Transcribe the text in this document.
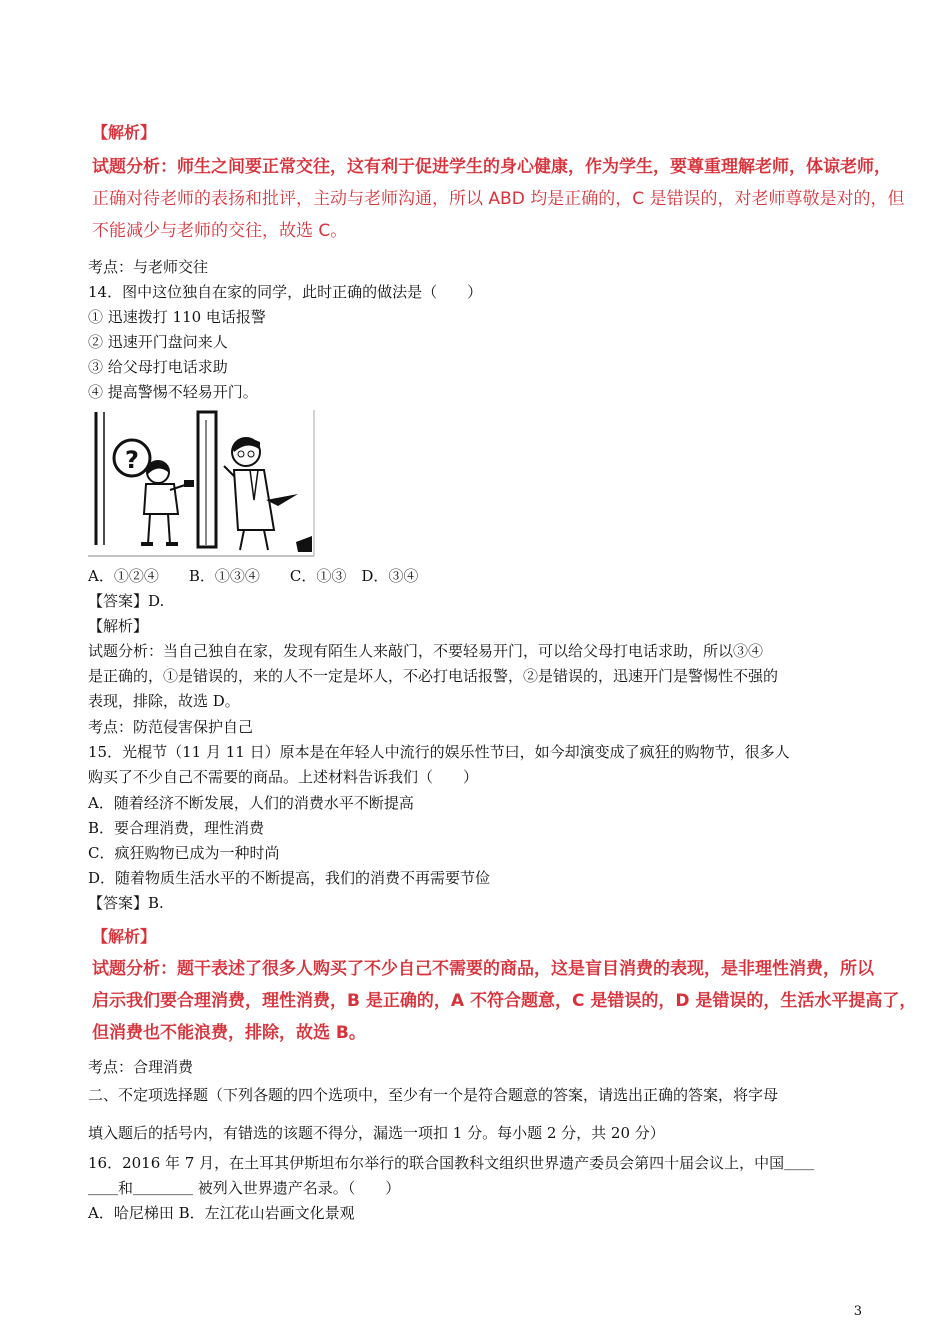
【解析】
试题分析：师生之间要正常交往，这有利于促进学生的身心健康，作为学生，要尊重理解老师，体谅老师，
正确对待老师的表扬和批评，主动与老师沟通，所以 ABD 均是正确的，C 是错误的，对老师尊敬是对的，但
不能减少与老师的交往，故选 C。
考点：与老师交往
14．图中这位独自在家的同学，此时正确的做法是（　　）
① 迅速拨打 110 电话报警
② 迅速开门盘问来人
③ 给父母打电话求助
④ 提高警惕不轻易开门。
?
A．①②④　　B．①③④　　C．①③　D．③④
【答案】D.
【解析】
试题分析：当自己独自在家，发现有陌生人来敲门，不要轻易开门，可以给父母打电话求助，所以③④
是正确的，①是错误的，来的人不一定是坏人，不必打电话报警，②是错误的，迅速开门是警惕性不强的
表现，排除，故选 D。
考点：防范侵害保护自己
15．光棍节（11 月 11 日）原本是在年轻人中流行的娱乐性节曰，如今却演变成了疯狂的购物节，很多人
购买了不少自己不需要的商品。上述材料告诉我们（　　）
A．随着经济不断发展，人们的消费水平不断提高
B．要合理消费，理性消费
C．疯狂购物已成为一种时尚
D．随着物质生活水平的不断提高，我们的消费不再需要节俭
【答案】B.
【解析】
试题分析：题干表述了很多人购买了不少自己不需要的商品，这是盲目消费的表现，是非理性消费，所以
启示我们要合理消费，理性消费，B 是正确的，A 不符合题意，C 是错误的，D 是错误的，生活水平提高了，
但消费也不能浪费，排除，故选 B。
考点：合理消费
二、不定项选择题（下列各题的四个选项中，至少有一个是符合题意的答案，请选出正确的答案，将字母
填入题后的括号内，有错选的该题不得分，漏选一项扣 1 分。每小题 2 分，共 20 分）
16．2016 年 7 月，在土耳其伊斯坦布尔举行的联合国教科文组织世界遗产委员会第四十届会议上，中国＿＿
＿＿和＿＿＿＿ 被列入世界遗产名录。（　　）
A．哈尼梯田 B．左江花山岩画文化景观
3
